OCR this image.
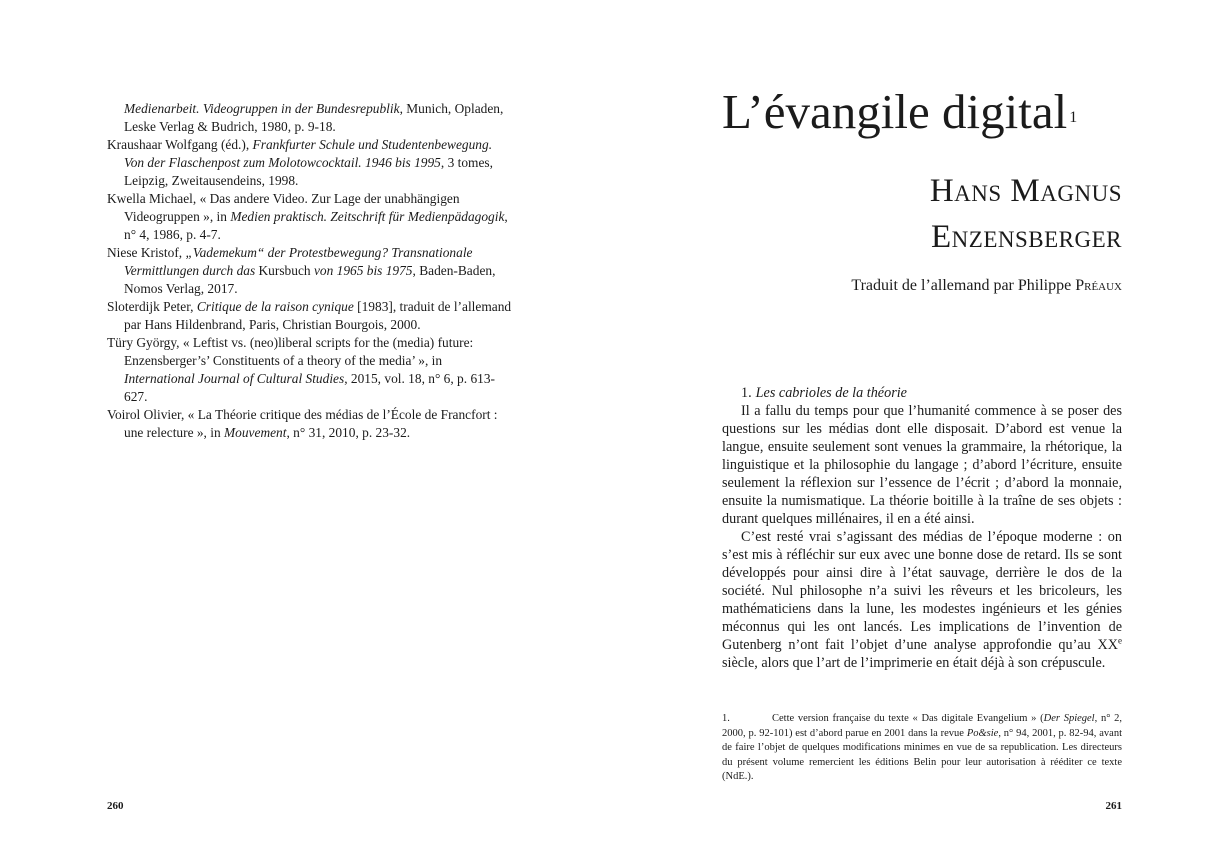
Medienarbeit. Videogruppen in der Bundesrepublik, Munich, Opladen, Leske Verlag & Budrich, 1980, p. 9-18.

Kraushaar Wolfgang (éd.), Frankfurter Schule und Studentenbewegung. Von der Flaschenpost zum Molotowcocktail. 1946 bis 1995, 3 tomes, Leipzig, Zweitausendeins, 1998.

Kwella Michael, « Das andere Video. Zur Lage der unabhängigen Videogruppen », in Medien praktisch. Zeitschrift für Medienpädagogik, n° 4, 1986, p. 4-7.

Niese Kristof, „Vademekum“ der Protestbewegung? Transnationale Vermittlungen durch das Kursbuch von 1965 bis 1975, Baden-Baden, Nomos Verlag, 2017.

Sloterdijk Peter, Critique de la raison cynique [1983], traduit de l’allemand par Hans Hildenbrand, Paris, Christian Bourgois, 2000.

Türy György, « Leftist vs. (neo)liberal scripts for the (media) future: Enzensberger’s’ Constituents of a theory of the media’ », in International Journal of Cultural Studies, 2015, vol. 18, n° 6, p. 613-627.

Voirol Olivier, « La Théorie critique des médias de l’École de Francfort : une relecture », in Mouvement, n° 31, 2010, p. 23-32.

260
L’évangile digital $^1$
Hans Magnus
Enzensberger
Traduit de l’allemand par Philippe Préaux

1. Les cabrioles de la théorie

Il a fallu du temps pour que l’humanité commence à se poser des questions sur les médias dont elle disposait. D’abord est venue la langue, ensuite seulement sont venues la grammaire, la rhétorique, la linguistique et la philosophie du langage ; d’abord l’écriture, ensuite seulement la réflexion sur l’essence de l’écrit ; d’abord la monnaie, ensuite la numismatique. La théorie boitille à la traîne de ses objets : durant quelques millénaires, il en a été ainsi.

C’est resté vrai s’agissant des médias de l’époque moderne : on s’est mis à réfléchir sur eux avec une bonne dose de retard. Ils se sont développés pour ainsi dire à l’état sauvage, derrière le dos de la société. Nul philosophe n’a suivi les rêveurs et les bricoleurs, les mathématiciens dans la lune, les modestes ingénieurs et les génies méconnus qui les ont lancés. Les implications de l’invention de Gutenberg n’ont fait l’objet d’une analyse approfondie qu’au XXe siècle, alors que l’art de l’imprimerie en était déjà à son crépuscule.

1.	Cette version française du texte « Das digitale Evangelium » (Der Spiegel, n° 2, 2000, p. 92-101) est d’abord parue en 2001 dans la revue Po&sie, n° 94, 2001, p. 82-94, avant de faire l’objet de quelques modifications minimes en vue de sa republication. Les directeurs du présent volume remercient les éditions Belin pour leur autorisation à rééditer ce texte (NdE.).
261
